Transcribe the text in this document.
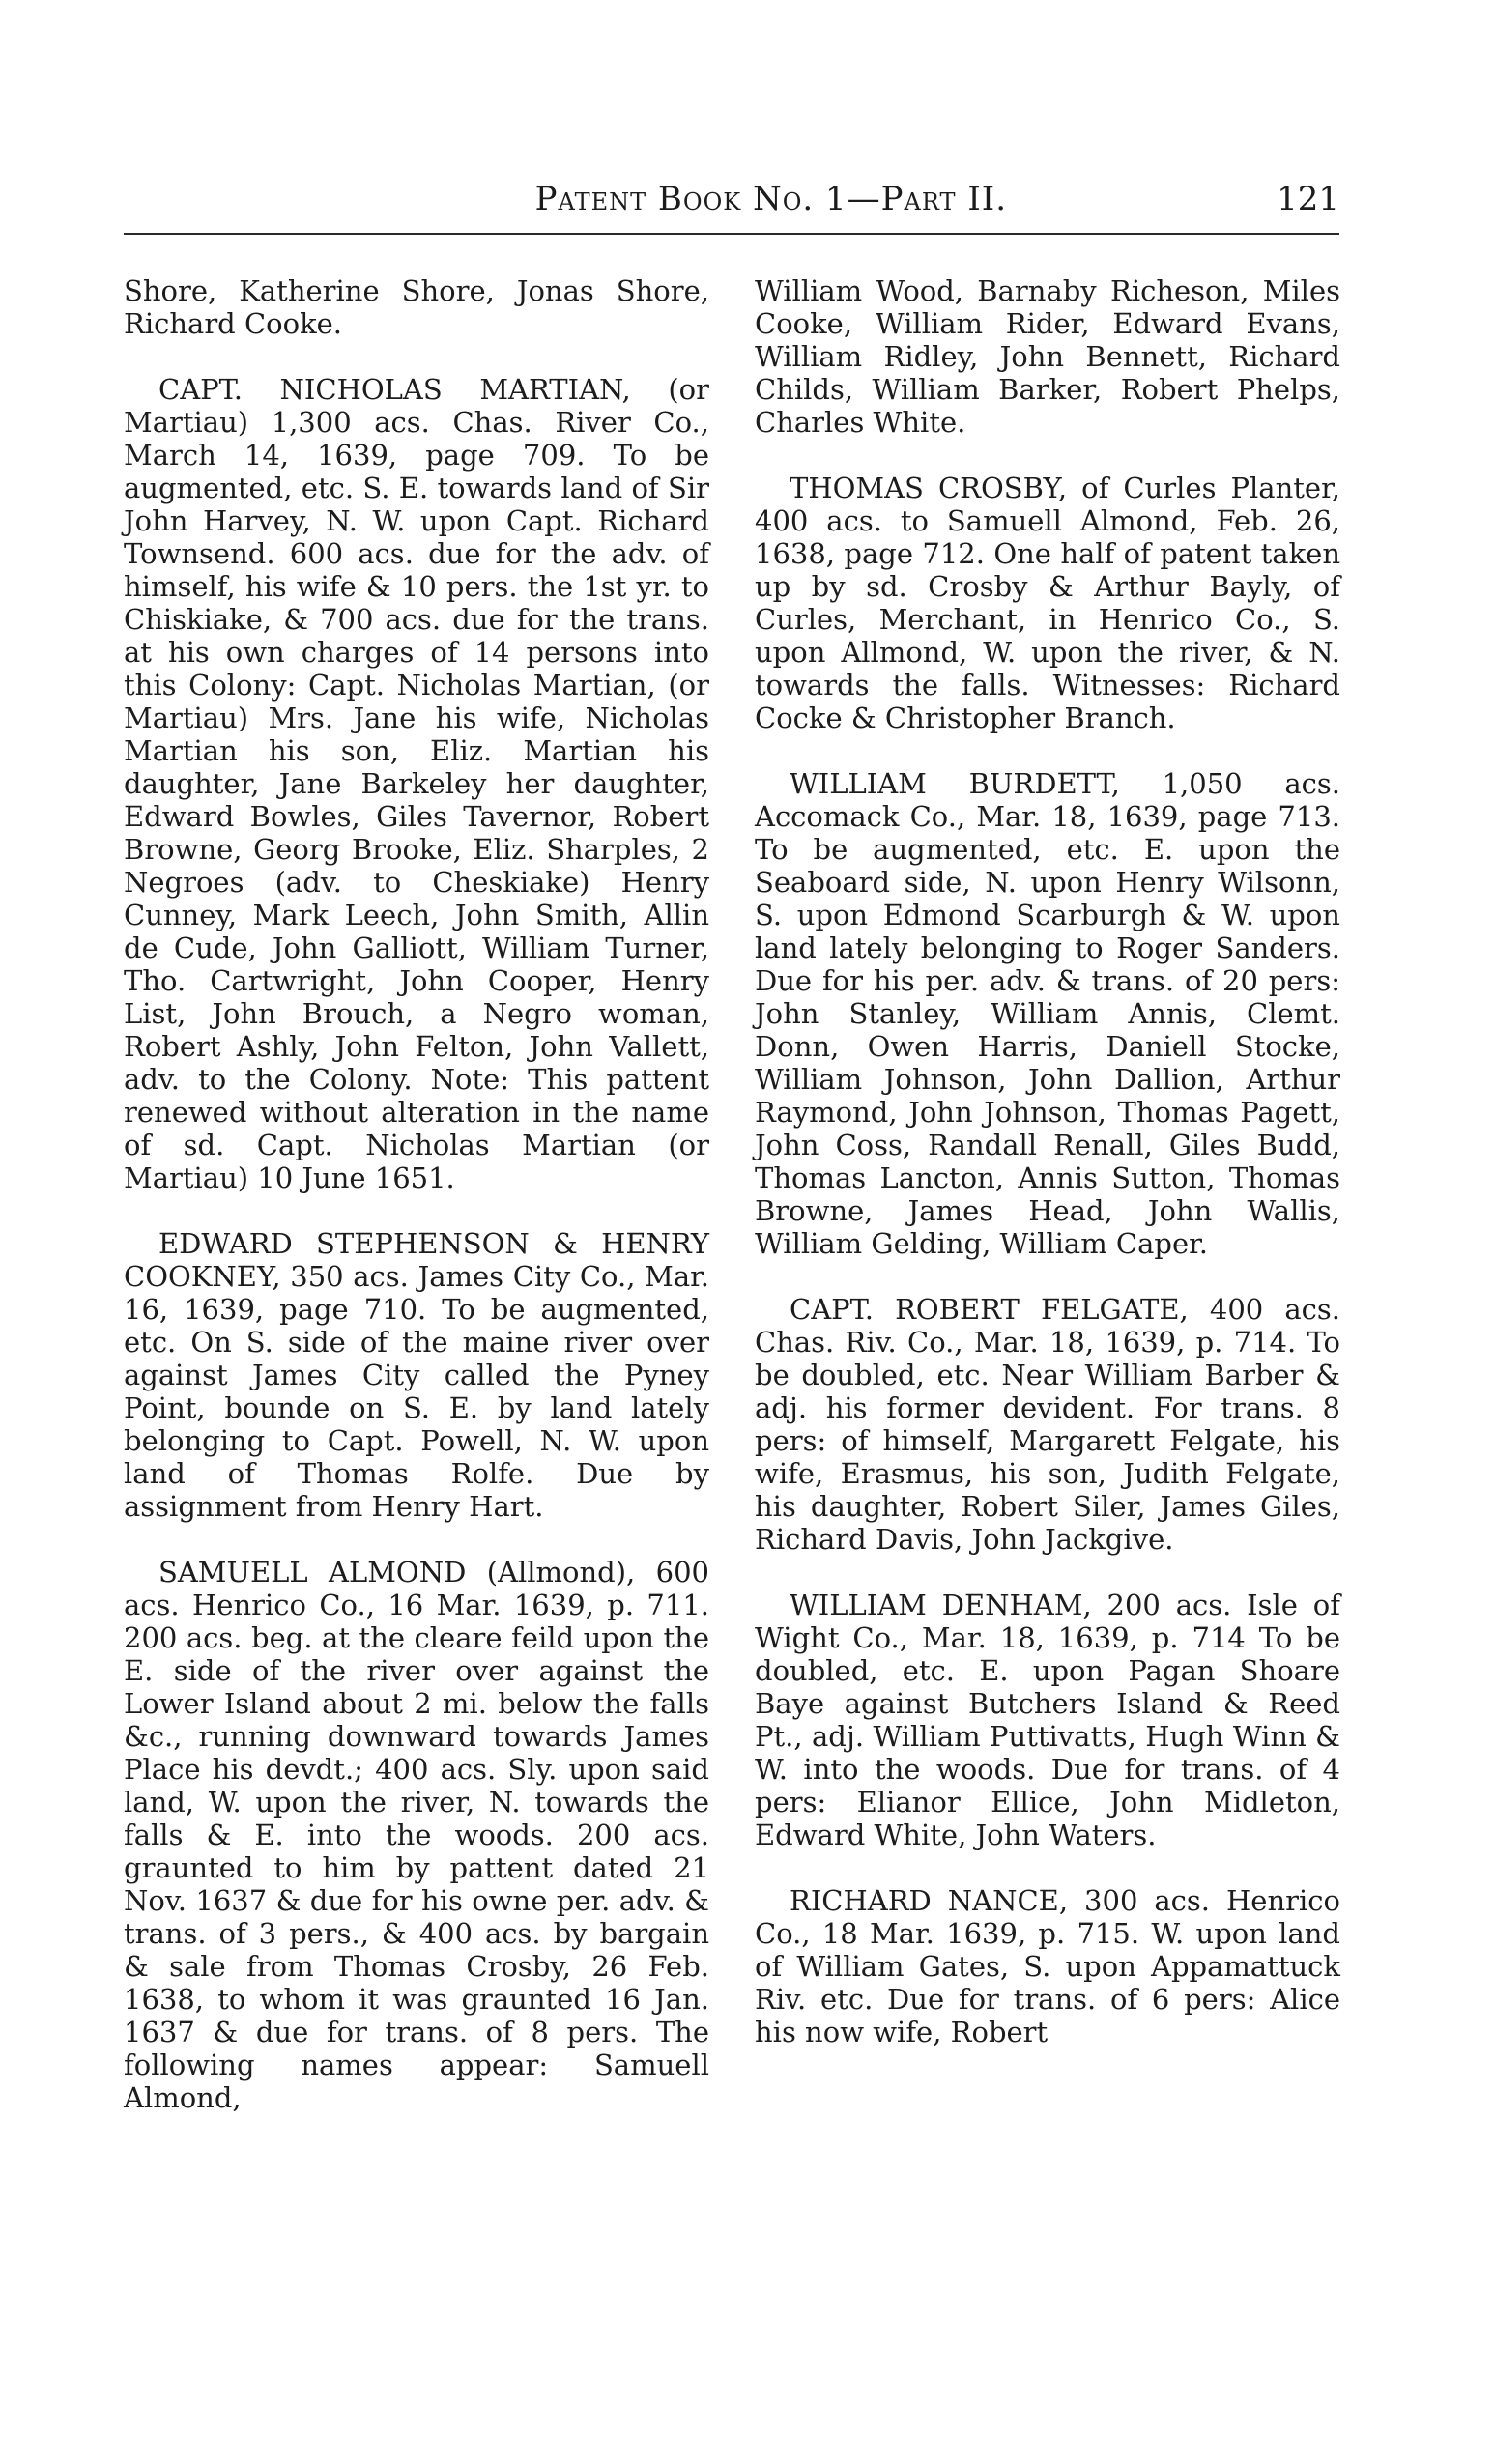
Patent Book No. 1—Part II.	121

Shore, Katherine Shore, Jonas Shore, Richard Cooke.

CAPT. NICHOLAS MARTIAN, (or Martiau) 1,300 acs. Chas. River Co., March 14, 1639, page 709. To be augmented, etc. S. E. towards land of Sir John Harvey, N. W. upon Capt. Richard Townsend. 600 acs. due for the adv. of himself, his wife & 10 pers. the 1st yr. to Chiskiake, & 700 acs. due for the trans. at his own charges of 14 persons into this Colony: Capt. Nicholas Martian, (or Martiau) Mrs. Jane his wife, Nicholas Martian his son, Eliz. Martian his daughter, Jane Barkeley her daughter, Edward Bowles, Giles Tavernor, Robert Browne, Georg Brooke, Eliz. Sharples, 2 Negroes (adv. to Cheskiake) Henry Cunney, Mark Leech, John Smith, Allin de Cude, John Galliott, William Turner, Tho. Cartwright, John Cooper, Henry List, John Brouch, a Negro woman, Robert Ashly, John Felton, John Vallett, adv. to the Colony. Note: This pattent renewed without alteration in the name of sd. Capt. Nicholas Martian (or Martiau) 10 June 1651.

EDWARD STEPHENSON & HENRY COOKNEY, 350 acs. James City Co., Mar. 16, 1639, page 710. To be augmented, etc. On S. side of the maine river over against James City called the Pyney Point, bounde on S. E. by land lately belonging to Capt. Powell, N. W. upon land of Thomas Rolfe. Due by assignment from Henry Hart.

SAMUELL ALMOND (Allmond), 600 acs. Henrico Co., 16 Mar. 1639, p. 711. 200 acs. beg. at the cleare feild upon the E. side of the river over against the Lower Island about 2 mi. below the falls &c., running downward towards James Place his devdt.; 400 acs. Sly. upon said land, W. upon the river, N. towards the falls & E. into the woods. 200 acs. graunted to him by pattent dated 21 Nov. 1637 & due for his owne per. adv. & trans. of 3 pers., & 400 acs. by bargain & sale from Thomas Crosby, 26 Feb. 1638, to whom it was graunted 16 Jan. 1637 & due for trans. of 8 pers. The following names appear: Samuell Almond,

William Wood, Barnaby Richeson, Miles Cooke, William Rider, Edward Evans, William Ridley, John Bennett, Richard Childs, William Barker, Robert Phelps, Charles White.

THOMAS CROSBY, of Curles Planter, 400 acs. to Samuell Almond, Feb. 26, 1638, page 712. One half of patent taken up by sd. Crosby & Arthur Bayly, of Curles, Merchant, in Henrico Co., S. upon Allmond, W. upon the river, & N. towards the falls. Witnesses: Richard Cocke & Christopher Branch.

WILLIAM BURDETT, 1,050 acs. Accomack Co., Mar. 18, 1639, page 713. To be augmented, etc. E. upon the Seaboard side, N. upon Henry Wilsonn, S. upon Edmond Scarburgh & W. upon land lately belonging to Roger Sanders. Due for his per. adv. & trans. of 20 pers: John Stanley, William Annis, Clemt. Donn, Owen Harris, Daniell Stocke, William Johnson, John Dallion, Arthur Raymond, John Johnson, Thomas Pagett, John Coss, Randall Renall, Giles Budd, Thomas Lancton, Annis Sutton, Thomas Browne, James Head, John Wallis, William Gelding, William Caper.

CAPT. ROBERT FELGATE, 400 acs. Chas. Riv. Co., Mar. 18, 1639, p. 714. To be doubled, etc. Near William Barber & adj. his former devident. For trans. 8 pers: of himself, Margarett Felgate, his wife, Erasmus, his son, Judith Felgate, his daughter, Robert Siler, James Giles, Richard Davis, John Jackgive.

WILLIAM DENHAM, 200 acs. Isle of Wight Co., Mar. 18, 1639, p. 714 To be doubled, etc. E. upon Pagan Shoare Baye against Butchers Island & Reed Pt., adj. William Puttivatts, Hugh Winn & W. into the woods. Due for trans. of 4 pers: Elianor Ellice, John Midleton, Edward White, John Waters.

RICHARD NANCE, 300 acs. Henrico Co., 18 Mar. 1639, p. 715. W. upon land of William Gates, S. upon Appamattuck Riv. etc. Due for trans. of 6 pers: Alice his now wife, Robert
